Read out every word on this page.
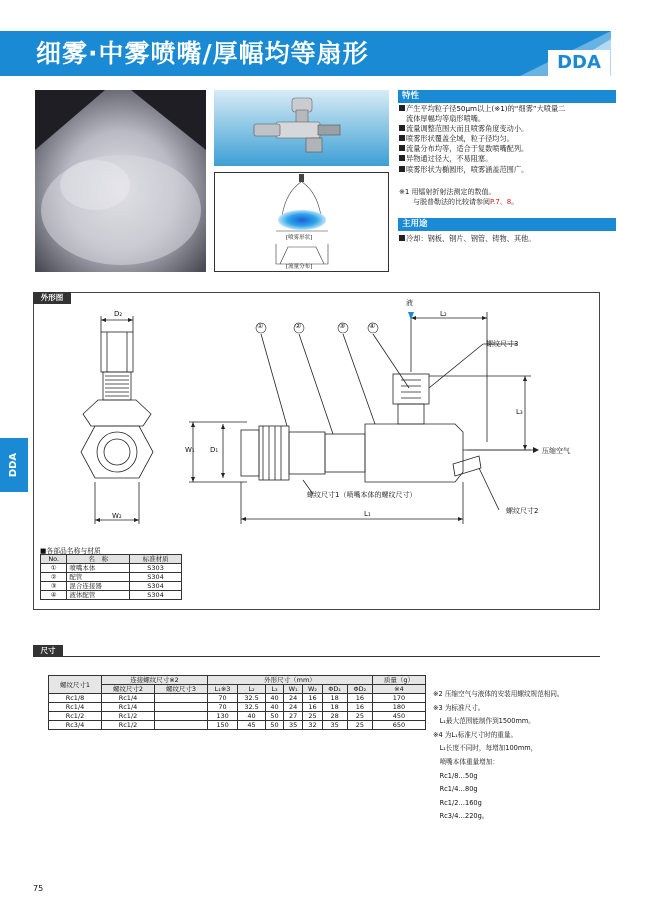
细雾·中雾喷嘴/厚幅均等扇形	DDA
[喷雾形状]
[流量分布]
特性
产生平均粒子径50μm以上(※1)的“细雾”大喷量二
流体厚幅均等扇形喷嘴。
流量调整范围大而且喷雾角度变动小。
喷雾形状覆盖全域，粒子径均匀。
流量分布均等，适合于复数喷嘴配列。
异物通过径大，不易阻塞。
喷雾形状为椭圆形，喷雾涵盖范围广。
※1 用镭射折射法测定的数值。
与脱普勒法的比较请参阅P.7、8。
主用途
冷却：钢板、钢片、钢管、铸物、其他。
DDA
外形图
①	②	③	④
D₂
W₁ D₁
W₂
液
L₂
螺纹尺寸3
L₃
压缩空气
螺纹尺寸1（喷嘴本体的螺纹尺寸）
螺纹尺寸2
L₁
■各部品名称与材质
No.	名　称	标准材质
①	喷嘴本体	S303
②	配管	S304
③	混合连接器	S304
④	液体配管	S304
尺寸
螺纹尺寸1	连接螺纹尺寸※2		外形尺寸（mm）							质量（g）
	螺纹尺寸2	螺纹尺寸3	L₁※3	L₂	L₃	W₁	W₂	ΦD₁	ΦD₂	※4
Rc1/8	Rc1/4		70	32.5	40	24	16	18	16	170
Rc1/4	Rc1/4		70	32.5	40	24	16	18	16	180
Rc1/2	Rc1/2		130	40	50	27	25	28	25	450
Rc3/4	Rc1/2		150	45	50	35	32	35	25	650
※2 压缩空气与液体的安装用螺纹规范相同。
※3 为标准尺寸。
　L₁最大范围能制作到1500mm。
※4 为L₁标准尺寸时的重量。
　L₁长度不同时，每增加100mm，
　喷嘴本体重量增加：
　Rc1/8…50g
　Rc1/4…80g
　Rc1/2…160g
　Rc3/4…220g。
75
